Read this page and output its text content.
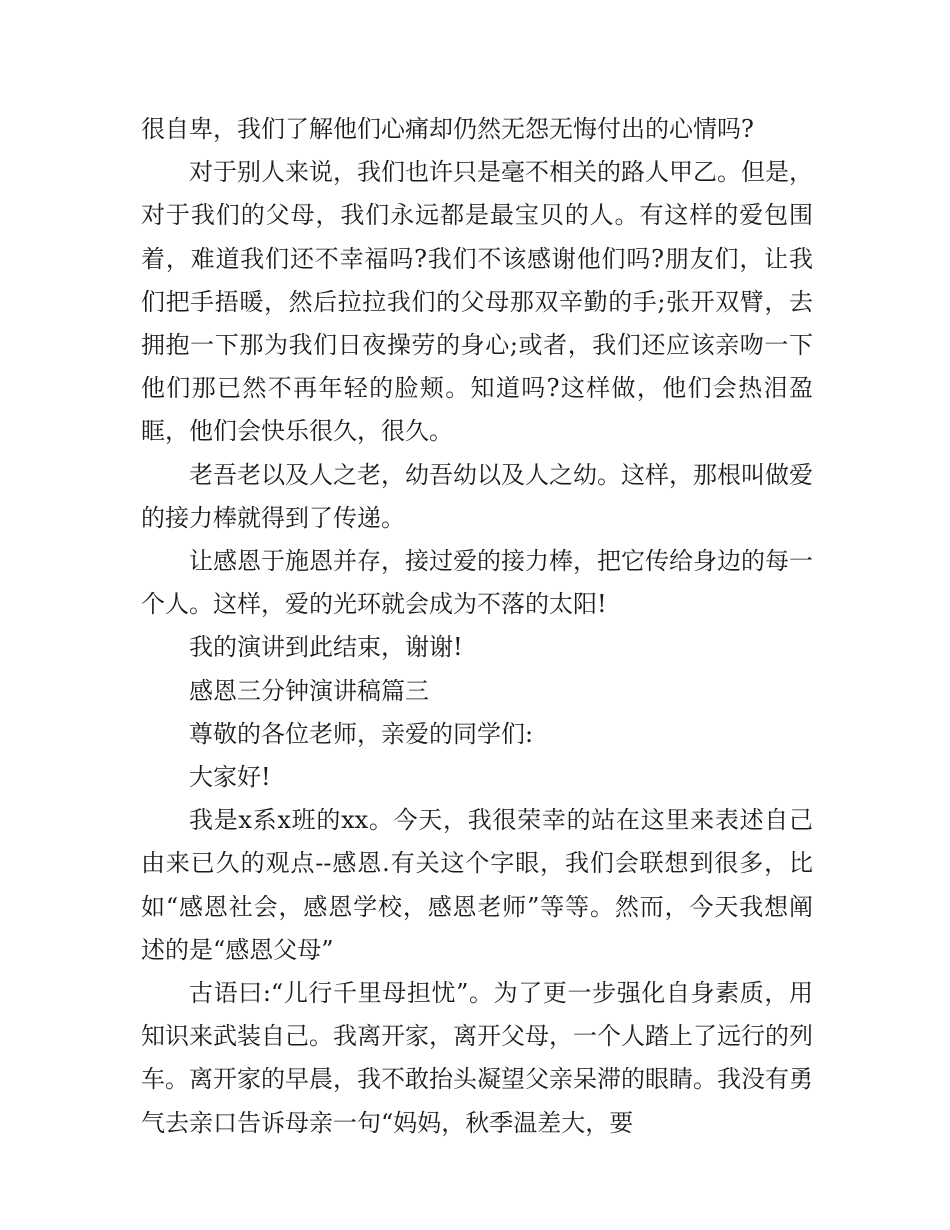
很自卑，我们了解他们心痛却仍然无怨无悔付出的心情吗?

对于别人来说，我们也许只是毫不相关的路人甲乙。但是，对于我们的父母，我们永远都是最宝贝的人。有这样的爱包围着，难道我们还不幸福吗?我们不该感谢他们吗?朋友们，让我们把手捂暖，然后拉拉我们的父母那双辛勤的手;张开双臂，去拥抱一下那为我们日夜操劳的身心;或者，我们还应该亲吻一下他们那已然不再年轻的脸颊。知道吗?这样做，他们会热泪盈眶，他们会快乐很久，很久。

老吾老以及人之老，幼吾幼以及人之幼。这样，那根叫做爱的接力棒就得到了传递。

让感恩于施恩并存，接过爱的接力棒，把它传给身边的每一个人。这样，爱的光环就会成为不落的太阳!

我的演讲到此结束，谢谢!

感恩三分钟演讲稿篇三

尊敬的各位老师，亲爱的同学们:

大家好!

我是x系x班的xx。今天，我很荣幸的站在这里来表述自己由来已久的观点--感恩.有关这个字眼，我们会联想到很多，比如“感恩社会，感恩学校，感恩老师”等等。然而，今天我想阐述的是“感恩父母”

古语曰:“儿行千里母担忧”。为了更一步强化自身素质，用知识来武装自己。我离开家，离开父母，一个人踏上了远行的列车。离开家的早晨，我不敢抬头凝望父亲呆滞的眼睛。我没有勇气去亲口告诉母亲一句“妈妈，秋季温差大，要
